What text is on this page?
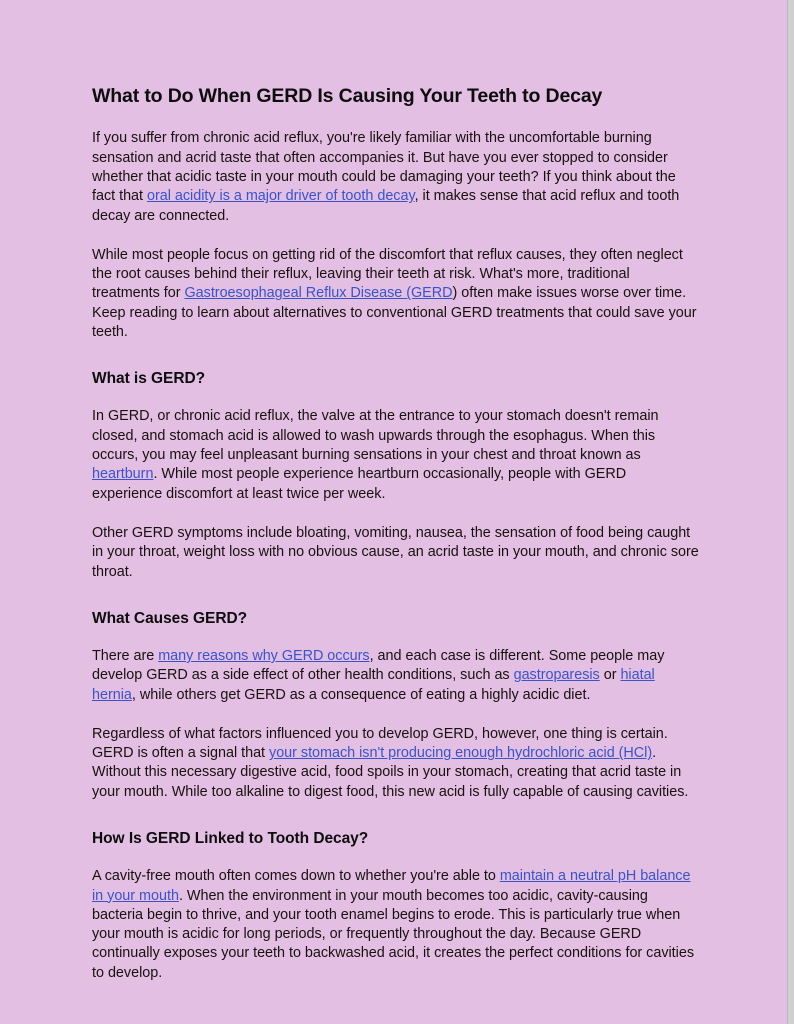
What to Do When GERD Is Causing Your Teeth to Decay

If you suffer from chronic acid reflux, you're likely familiar with the uncomfortable burning sensation and acrid taste that often accompanies it. But have you ever stopped to consider whether that acidic taste in your mouth could be damaging your teeth? If you think about the fact that oral acidity is a major driver of tooth decay, it makes sense that acid reflux and tooth decay are connected.

While most people focus on getting rid of the discomfort that reflux causes, they often neglect the root causes behind their reflux, leaving their teeth at risk. What's more, traditional treatments for Gastroesophageal Reflux Disease (GERD) often make issues worse over time. Keep reading to learn about alternatives to conventional GERD treatments that could save your teeth.

What is GERD?

In GERD, or chronic acid reflux, the valve at the entrance to your stomach doesn't remain closed, and stomach acid is allowed to wash upwards through the esophagus. When this occurs, you may feel unpleasant burning sensations in your chest and throat known as heartburn. While most people experience heartburn occasionally, people with GERD experience discomfort at least twice per week.

Other GERD symptoms include bloating, vomiting, nausea, the sensation of food being caught in your throat, weight loss with no obvious cause, an acrid taste in your mouth, and chronic sore throat.

What Causes GERD?

There are many reasons why GERD occurs, and each case is different. Some people may develop GERD as a side effect of other health conditions, such as gastroparesis or hiatal hernia, while others get GERD as a consequence of eating a highly acidic diet.

Regardless of what factors influenced you to develop GERD, however, one thing is certain. GERD is often a signal that your stomach isn't producing enough hydrochloric acid (HCl). Without this necessary digestive acid, food spoils in your stomach, creating that acrid taste in your mouth. While too alkaline to digest food, this new acid is fully capable of causing cavities.

How Is GERD Linked to Tooth Decay?

A cavity-free mouth often comes down to whether you're able to maintain a neutral pH balance in your mouth. When the environment in your mouth becomes too acidic, cavity-causing bacteria begin to thrive, and your tooth enamel begins to erode. This is particularly true when your mouth is acidic for long periods, or frequently throughout the day. Because GERD continually exposes your teeth to backwashed acid, it creates the perfect conditions for cavities to develop.
